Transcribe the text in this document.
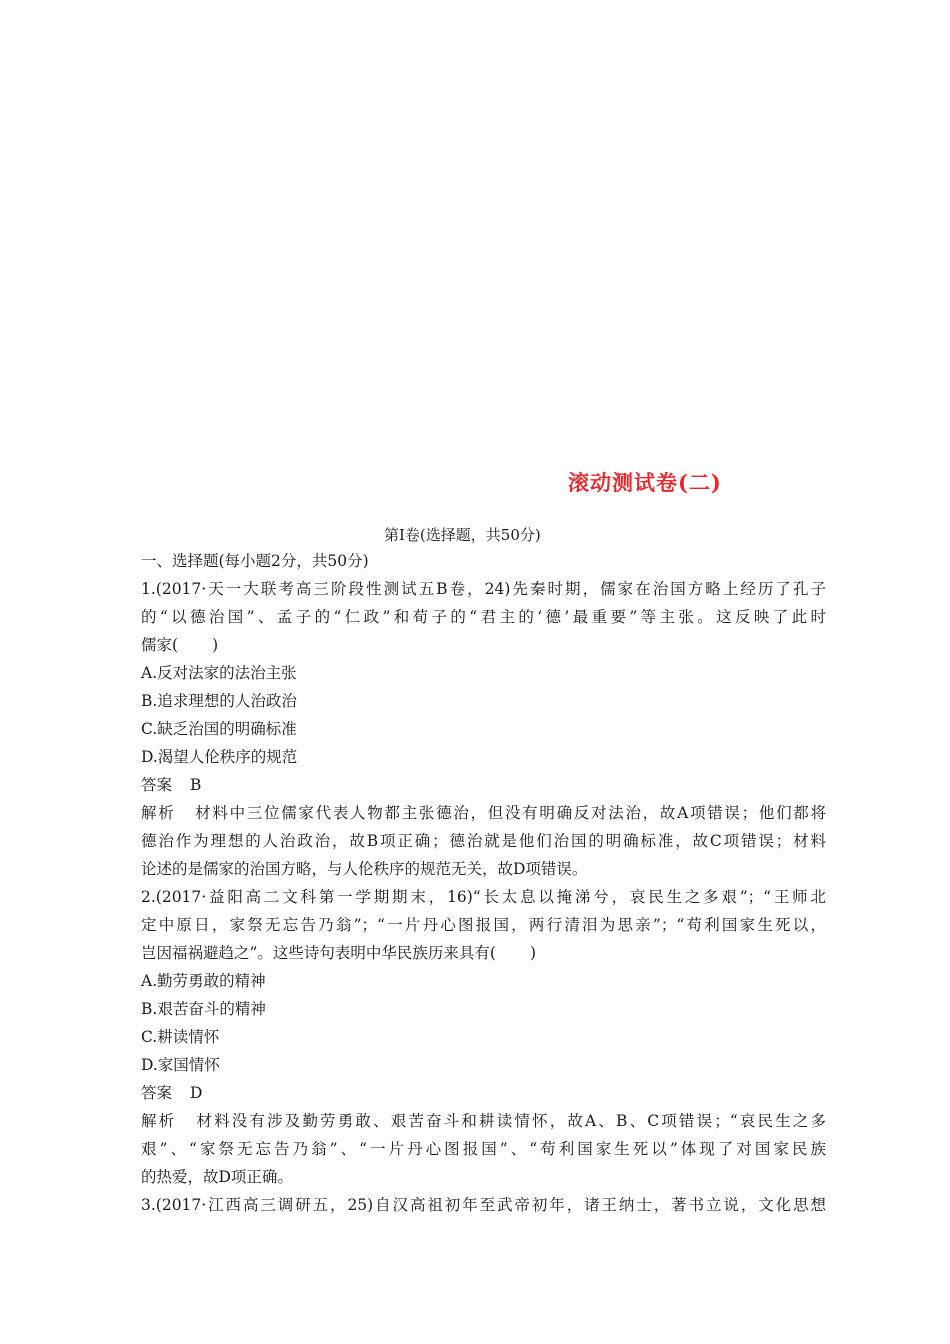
滚动测试卷(二)
第Ⅰ卷(选择题，共50分)
一、选择题(每小题2分，共50分)
1.(2017·天一大联考高三阶段性测试五B卷，24)先秦时期，儒家在治国方略上经历了孔子
的“以德治国”、孟子的“仁政”和荀子的“君主的‘德’最重要”等主张。这反映了此时
儒家( )
A.反对法家的法治主张
B.追求理想的人治政治
C.缺乏治国的明确标准
D.渴望人伦秩序的规范
答案 B
解析 材料中三位儒家代表人物都主张德治，但没有明确反对法治，故A项错误；他们都将
德治作为理想的人治政治，故B项正确；德治就是他们治国的明确标准，故C项错误；材料
论述的是儒家的治国方略，与人伦秩序的规范无关，故D项错误。
2.(2017·益阳高二文科第一学期期末，16)“长太息以掩涕兮，哀民生之多艰”；“王师北
定中原日，家祭无忘告乃翁”；“一片丹心图报国，两行清泪为思亲”；“苟利国家生死以，
岂因福祸避趋之”。这些诗句表明中华民族历来具有( )
A.勤劳勇敢的精神
B.艰苦奋斗的精神
C.耕读情怀
D.家国情怀
答案 D
解析 材料没有涉及勤劳勇敢、艰苦奋斗和耕读情怀，故A、B、C项错误；“哀民生之多
艰”、“家祭无忘告乃翁”、“一片丹心图报国”、“苟利国家生死以”体现了对国家民族
的热爱，故D项正确。
3.(2017·江西高三调研五，25)自汉高祖初年至武帝初年，诸王纳士，著书立说，文化思想
